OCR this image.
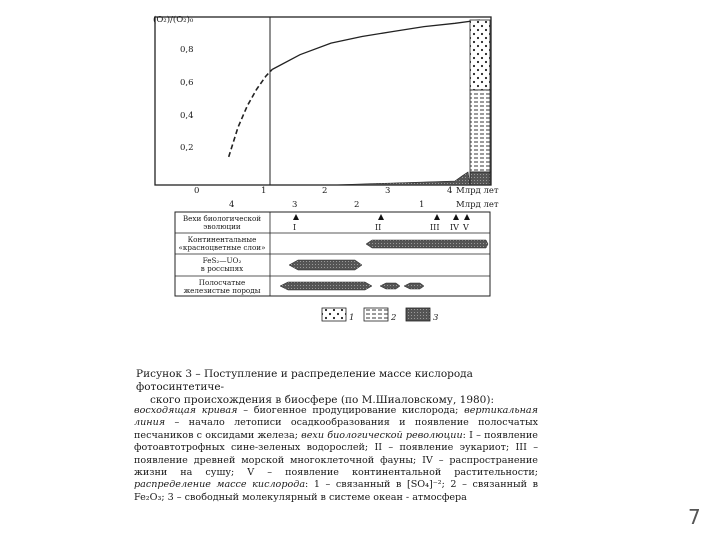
(O₂)/(O₂)₀
0,8
0,6
0,4
0,2
0	1	2	3	4 Млрд лет
4	3	2	1	Млрд лет
Вехи биологической
эволюции
Континентальные
«красноцветные слои»
FeS₂—UO₂
в россыпях
Полосчатые
железистые породы
I	II	III IV V
1	2	3

Рисунок 3 – Поступление и распределение массе кислорода фотосинтетиче-

ского происхождения в биосфере (по М.Шиаловскому, 1980):

восходящая кривая – биогенное продуцирование кислорода; вертикальная линия – начало летописи осадкообразования и появление полосчатых песчаников с оксидами железа; вехи биологической революции: I – появление фотоавтотрофных сине-зеленых водорослей; II – появление эукариот; III – появление древней морской многоклеточной фауны; IV – распространение жизни на сушу; V – появление континентальной растительности; распределение массе кислорода: 1 – связанный в [SO₄]⁻²; 2 – связанный в Fe₂O₃; 3 – свободный молекулярный в системе океан - атмосфера
7
